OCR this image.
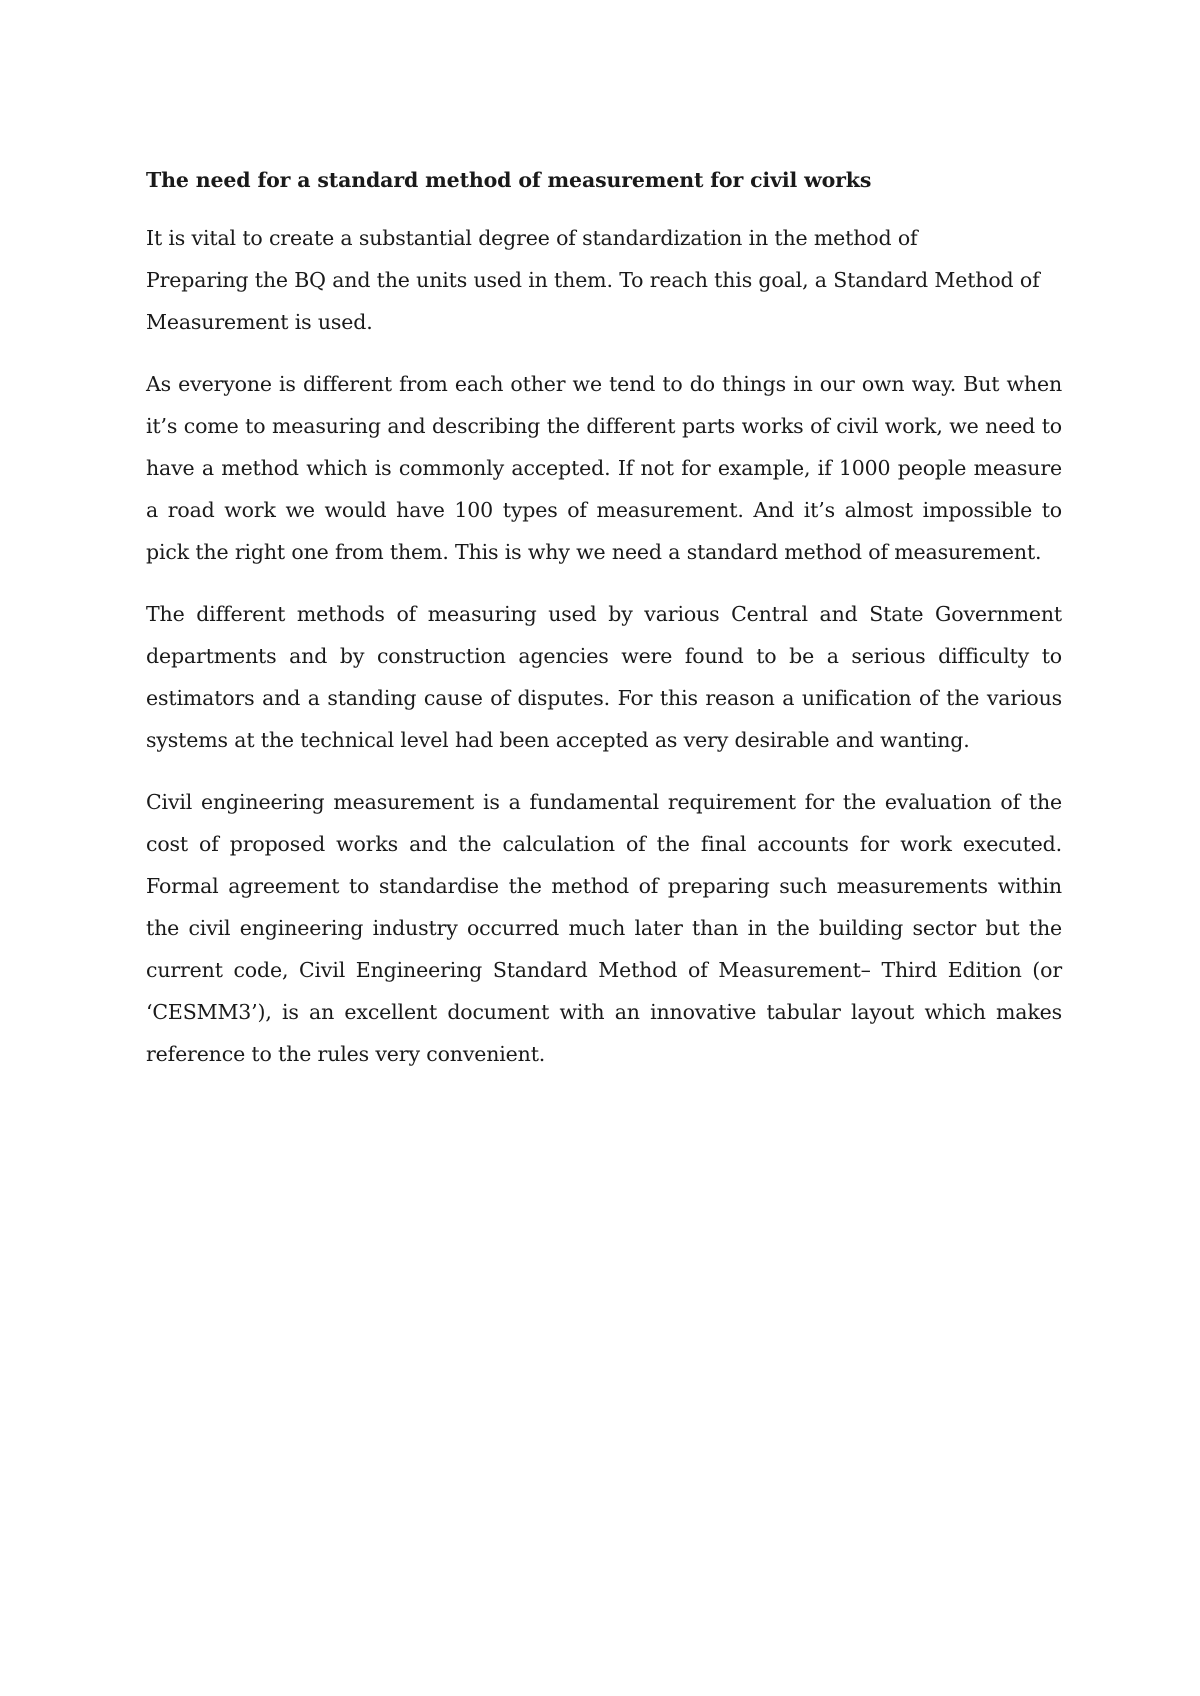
The need for a standard method of measurement for civil works

It is vital to create a substantial degree of standardization in the method of
Preparing the BQ and the units used in them. To reach this goal, a Standard Method of Measurement is used.

As everyone is different from each other we tend to do things in our own way. But when it’s come to measuring and describing the different parts works of civil work, we need to have a method which is commonly accepted. If not for example, if 1000 people measure a road work we would have 100 types of measurement. And it’s almost impossible to pick the right one from them. This is why we need a standard method of measurement.

The different methods of measuring used by various Central and State Government departments and by construction agencies were found to be a serious difficulty to estimators and a standing cause of disputes. For this reason a unification of the various systems at the technical level had been accepted as very desirable and wanting.

Civil engineering measurement is a fundamental requirement for the evaluation of the cost of proposed works and the calculation of the final accounts for work executed. Formal agreement to standardise the method of preparing such measurements within the civil engineering industry occurred much later than in the building sector but the current code, Civil Engineering Standard Method of Measurement– Third Edition (or ‘CESMM3’), is an excellent document with an innovative tabular layout which makes reference to the rules very convenient.
